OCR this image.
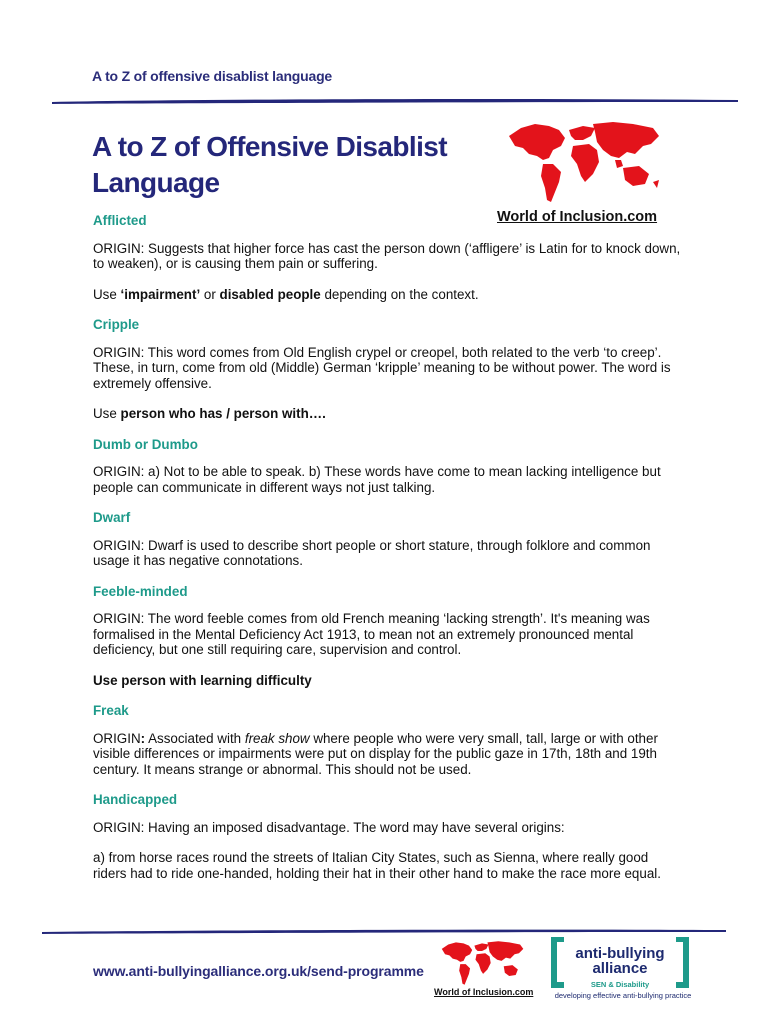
A to Z of offensive disablist language
A to Z of Offensive Disablist
Language
World of Inclusion.com

Afflicted

ORIGIN: Suggests that higher force has cast the person down (‘affligere’ is Latin for to knock down, to weaken), or is causing them pain or suffering.

Use ‘impairment’ or disabled people depending on the context.

Cripple

ORIGIN: This word comes from Old English crypel or creopel, both related to the verb ‘to creep’. These, in turn, come from old (Middle) German ‘kripple’ meaning to be without power. The word is extremely offensive.

Use person who has / person with….

Dumb or Dumbo

ORIGIN: a) Not to be able to speak. b) These words have come to mean lacking intelligence but people can communicate in different ways not just talking.

Dwarf

ORIGIN: Dwarf is used to describe short people or short stature, through folklore and common usage it has negative connotations.

Feeble-minded

ORIGIN: The word feeble comes from old French meaning ‘lacking strength’. It's meaning was formalised in the Mental Deficiency Act 1913, to mean not an extremely pronounced mental deficiency, but one still requiring care, supervision and control.

Use person with learning difficulty

Freak

ORIGIN: Associated with freak show where people who were very small, tall, large or with other visible differences or impairments were put on display for the public gaze in 17th, 18th and 19th century. It means strange or abnormal. This should not be used.

Handicapped

ORIGIN: Having an imposed disadvantage. The word may have several origins:

a) from horse races round the streets of Italian City States, such as Sienna, where really good riders had to ride one-handed, holding their hat in their other hand to make the race more equal.

www.anti-bullyingalliance.org.uk/send-programme
World of Inclusion.com
anti-bullying
alliance
SEN & Disability
developing effective anti-bullying practice
